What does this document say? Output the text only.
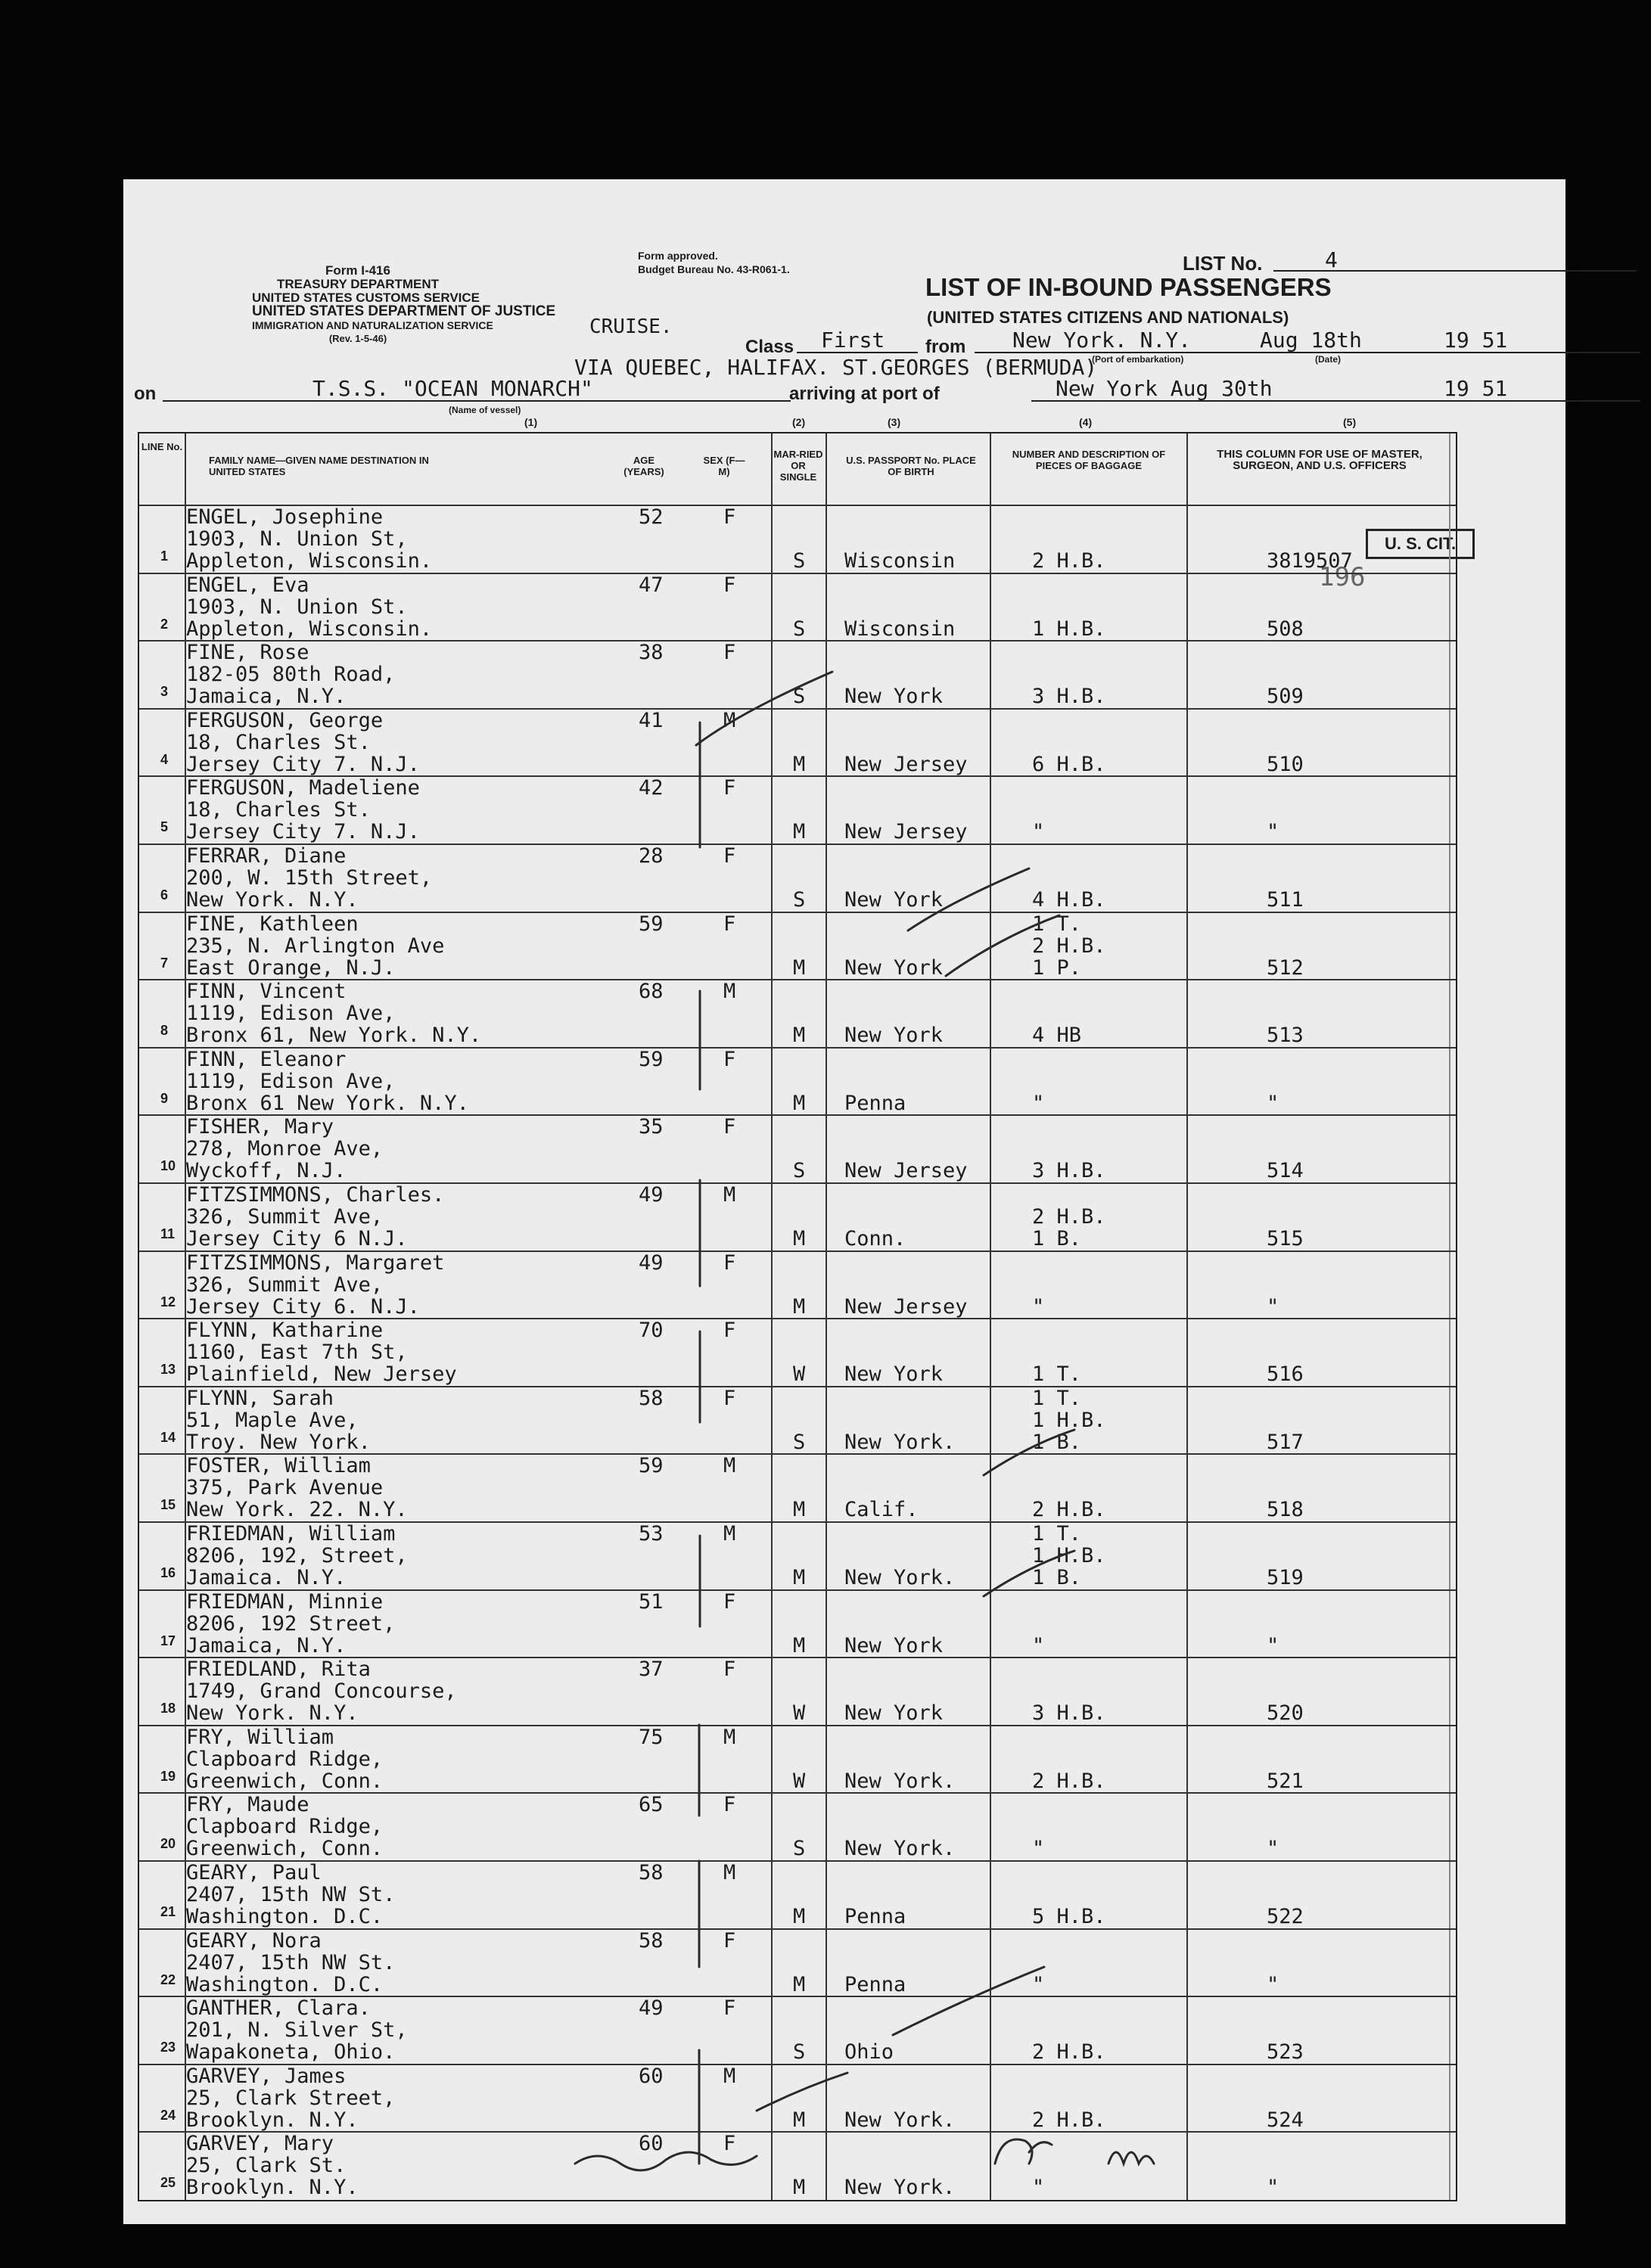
Form I-416
TREASURY DEPARTMENT
UNITED STATES CUSTOMS SERVICE
UNITED STATES DEPARTMENT OF JUSTICE
IMMIGRATION AND NATURALIZATION SERVICE
(Rev. 1-5-46)
Form approved.
Budget Bureau No. 43-R061-1.	LIST No.	4
LIST OF IN-BOUND PASSENGERS
(UNITED STATES CITIZENS AND NATIONALS)
CRUISE.
Class First from New York. N.Y.	Aug 18th	19 51
(Port of embarkation)	(Date)
VIA QUEBEC, HALIFAX. ST.GEORGES (BERMUDA)
on	T.S.S. "OCEAN MONARCH"
(Name of vessel)
arriving at port of	New York Aug 30th	19 51
(1)	(2)	(3)	(4)	(5)
U. S. CIT.
196
LINE No.
FAMILY NAME—GIVEN NAME DESTINATION IN UNITED STATES
AGE (YEARS)
SEX (F—M)
MAR-RIED OR SINGLE
U.S. PASSPORT No. PLACE OF BIRTH
NUMBER AND DESCRIPTION OF PIECES OF BAGGAGE
THIS COLUMN FOR USE OF MASTER, SURGEON, AND U.S. OFFICERS
1
ENGEL, Josephine
1903, N. Union St,
Appleton, Wisconsin.
52	F
S Wisconsin	2 H.B.	3819507
2
ENGEL, Eva
1903, N. Union St.
Appleton, Wisconsin.
47	F
S Wisconsin	1 H.B.	508
3
FINE, Rose
182-05 80th Road,
Jamaica, N.Y.
38	F
S New York	3 H.B.	509
4
FERGUSON, George
18, Charles St.
Jersey City 7. N.J.
41	M
M New Jersey	6 H.B.	510
5
FERGUSON, Madeliene
18, Charles St.
Jersey City 7. N.J.
42	F
M New Jersey	"	"
6
FERRAR, Diane
200, W. 15th Street,
New York. N.Y.
28	F
S New York	4 H.B.	511
7
FINE, Kathleen
235, N. Arlington Ave
East Orange, N.J.
59	F
M New York
1 T.
2 H.B.
1 P.	512
8
FINN, Vincent
1119, Edison Ave,
Bronx 61, New York. N.Y.
68	M
M New York	4 HB	513
9
FINN, Eleanor
1119, Edison Ave,
Bronx 61 New York. N.Y.
59	F
M Penna	"	"
10
FISHER, Mary
278, Monroe Ave,
Wyckoff, N.J.
35	F
S New Jersey	3 H.B.	514
11
FITZSIMMONS, Charles.
326, Summit Ave,
Jersey City 6 N.J.
49	M
M Conn.
2 H.B.
1 B.	515
12
FITZSIMMONS, Margaret
326, Summit Ave,
Jersey City 6. N.J.
49	F
M New Jersey	"	"
13
FLYNN, Katharine
1160, East 7th St,
Plainfield, New Jersey
70	F
W New York	1 T.	516
14
FLYNN, Sarah
51, Maple Ave,
Troy. New York.
58	F
S New York.
1 T.
1 H.B.
1 B.	517
15
FOSTER, William
375, Park Avenue
New York. 22. N.Y.
59	M
M Calif.	2 H.B.	518
16
FRIEDMAN, William
8206, 192, Street,
Jamaica. N.Y.
53	M
M New York.
1 T.
1 H.B.
1 B.	519
17
FRIEDMAN, Minnie
8206, 192 Street,
Jamaica, N.Y.
51	F
M New York	"	"
18
FRIEDLAND, Rita
1749, Grand Concourse,
New York. N.Y.
37	F
W New York	3 H.B.	520
19
FRY, William
Clapboard Ridge,
Greenwich, Conn.
75	M
W New York.	2 H.B.	521
20
FRY, Maude
Clapboard Ridge,
Greenwich, Conn.
65	F
S New York.	"	"
21
GEARY, Paul
2407, 15th NW St.
Washington. D.C.
58	M
M Penna	5 H.B.	522
22
GEARY, Nora
2407, 15th NW St.
Washington. D.C.
58	F
M Penna	"	"
23
GANTHER, Clara.
201, N. Silver St,
Wapakoneta, Ohio.
49	F
S Ohio	2 H.B.	523
24
GARVEY, James
25, Clark Street,
Brooklyn. N.Y.
60	M
M New York.	2 H.B.	524
25
GARVEY, Mary
25, Clark St.
Brooklyn. N.Y.
60	F
M New York.	"	"
